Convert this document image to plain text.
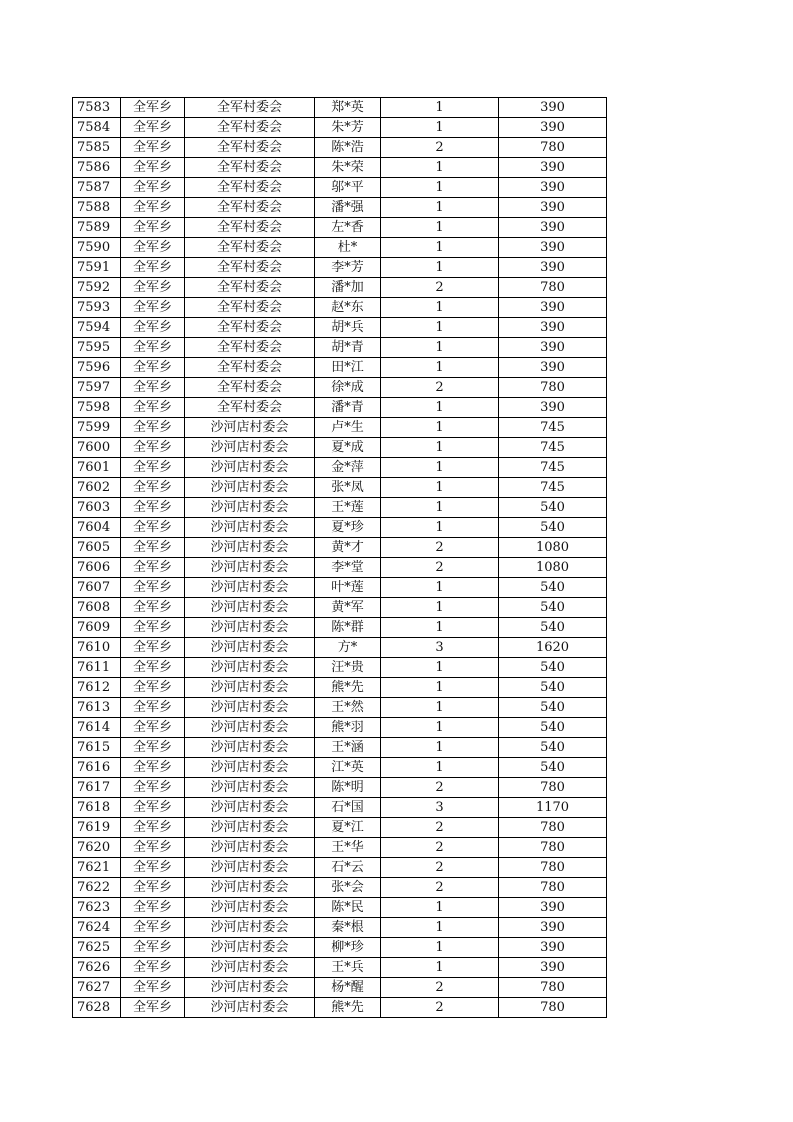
7583	全军乡	全军村委会	郑*英	1	390
7584	全军乡	全军村委会	朱*芳	1	390
7585	全军乡	全军村委会	陈*浩	2	780
7586	全军乡	全军村委会	朱*荣	1	390
7587	全军乡	全军村委会	邬*平	1	390
7588	全军乡	全军村委会	潘*强	1	390
7589	全军乡	全军村委会	左*香	1	390
7590	全军乡	全军村委会	杜*	1	390
7591	全军乡	全军村委会	李*芳	1	390
7592	全军乡	全军村委会	潘*加	2	780
7593	全军乡	全军村委会	赵*东	1	390
7594	全军乡	全军村委会	胡*兵	1	390
7595	全军乡	全军村委会	胡*青	1	390
7596	全军乡	全军村委会	田*江	1	390
7597	全军乡	全军村委会	徐*成	2	780
7598	全军乡	全军村委会	潘*青	1	390
7599	全军乡	沙河店村委会	卢*生	1	745
7600	全军乡	沙河店村委会	夏*成	1	745
7601	全军乡	沙河店村委会	金*萍	1	745
7602	全军乡	沙河店村委会	张*凤	1	745
7603	全军乡	沙河店村委会	王*莲	1	540
7604	全军乡	沙河店村委会	夏*珍	1	540
7605	全军乡	沙河店村委会	黄*才	2	1080
7606	全军乡	沙河店村委会	李*堂	2	1080
7607	全军乡	沙河店村委会	叶*莲	1	540
7608	全军乡	沙河店村委会	黄*军	1	540
7609	全军乡	沙河店村委会	陈*群	1	540
7610	全军乡	沙河店村委会	方*	3	1620
7611	全军乡	沙河店村委会	汪*贵	1	540
7612	全军乡	沙河店村委会	熊*先	1	540
7613	全军乡	沙河店村委会	王*然	1	540
7614	全军乡	沙河店村委会	熊*羽	1	540
7615	全军乡	沙河店村委会	王*涵	1	540
7616	全军乡	沙河店村委会	江*英	1	540
7617	全军乡	沙河店村委会	陈*明	2	780
7618	全军乡	沙河店村委会	石*国	3	1170
7619	全军乡	沙河店村委会	夏*江	2	780
7620	全军乡	沙河店村委会	王*华	2	780
7621	全军乡	沙河店村委会	石*云	2	780
7622	全军乡	沙河店村委会	张*会	2	780
7623	全军乡	沙河店村委会	陈*民	1	390
7624	全军乡	沙河店村委会	秦*根	1	390
7625	全军乡	沙河店村委会	柳*珍	1	390
7626	全军乡	沙河店村委会	王*兵	1	390
7627	全军乡	沙河店村委会	杨*醒	2	780
7628	全军乡	沙河店村委会	熊*先	2	780
